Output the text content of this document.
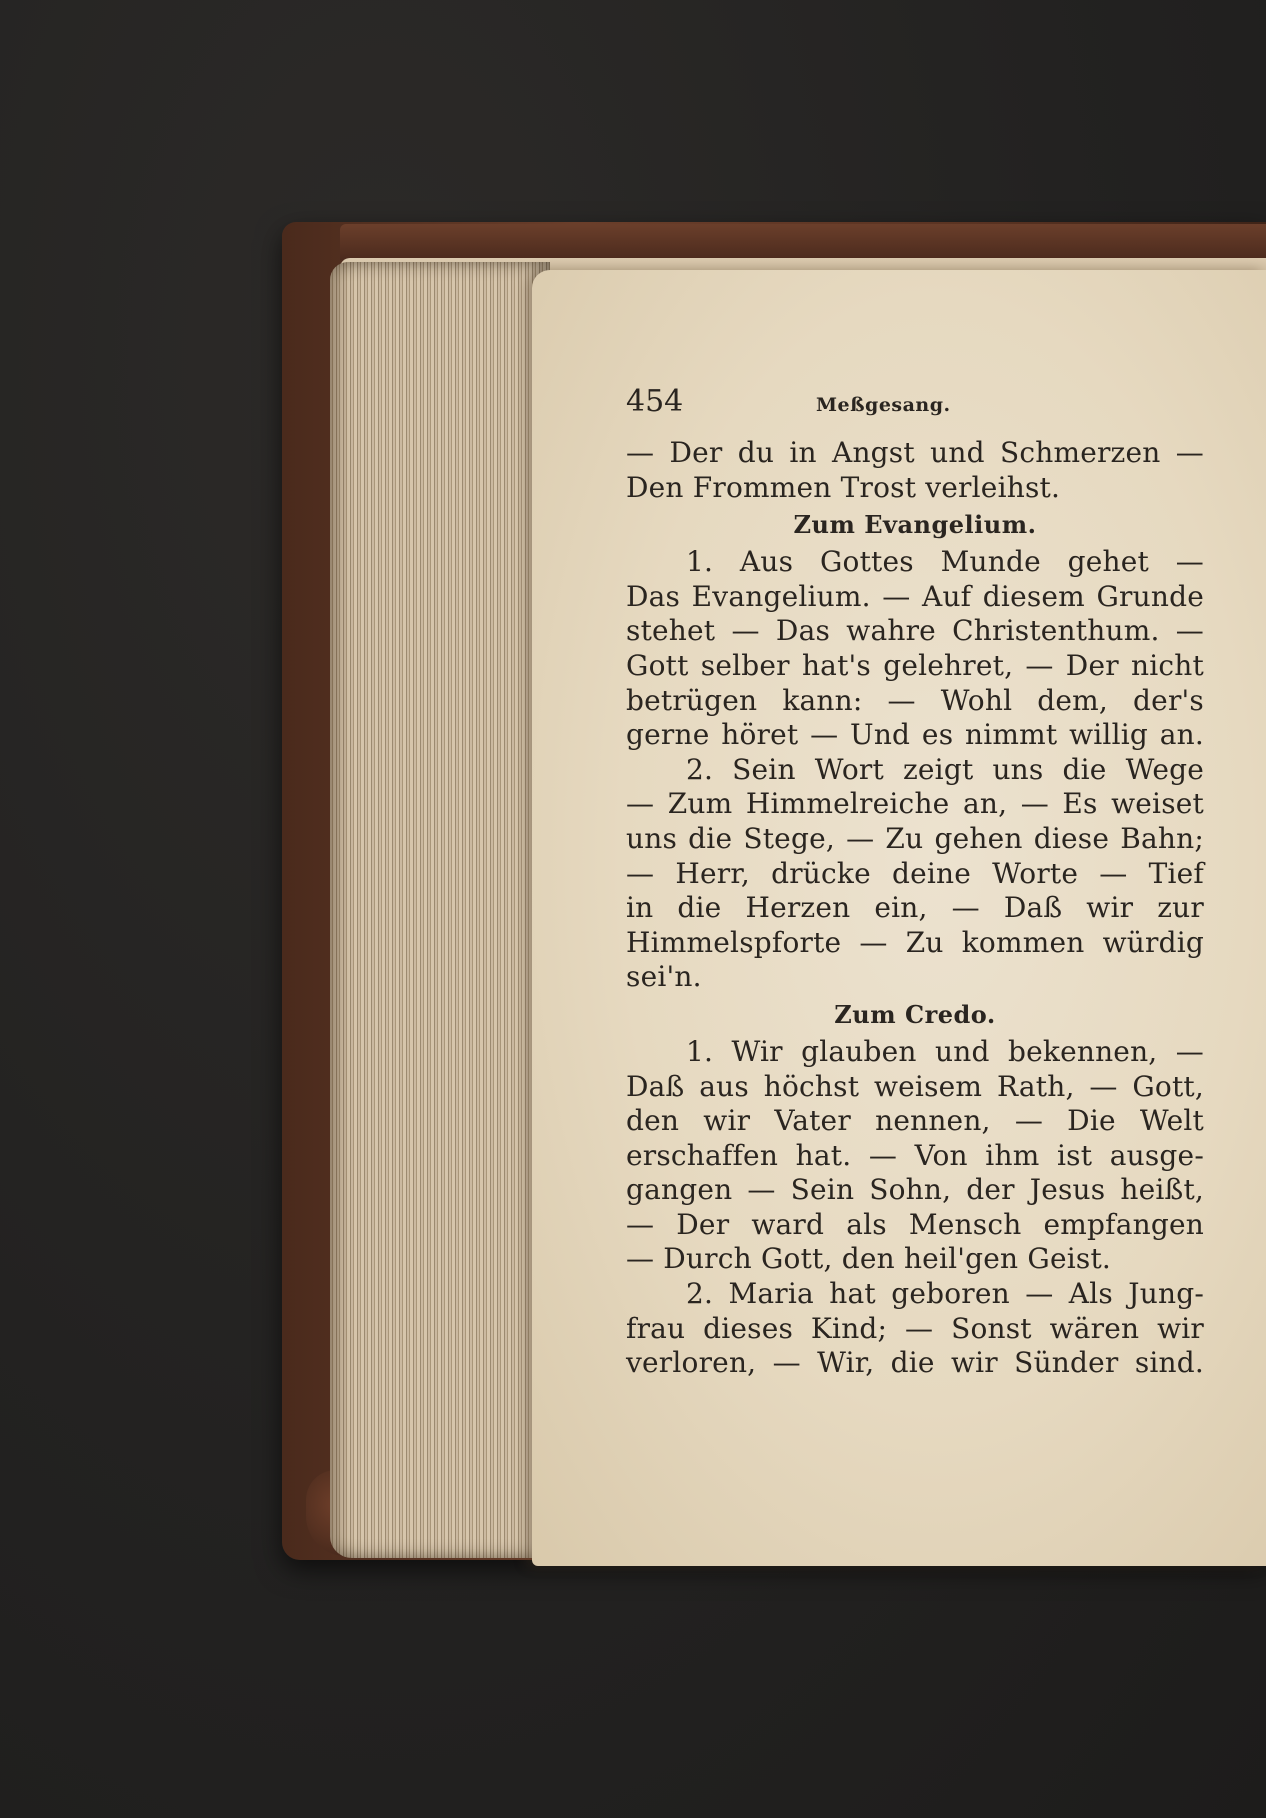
454	Meßgesang.
— Der du in Angst und Schmerzen —
Den Frommen Trost verleihst.
Zum Evangelium.
1. Aus Gottes Munde gehet —
Das Evangelium. — Auf diesem Grunde
stehet — Das wahre Christenthum. —
Gott selber hat's gelehret, — Der nicht
betrügen kann: — Wohl dem, der's
gerne höret — Und es nimmt willig an.
2. Sein Wort zeigt uns die Wege
— Zum Himmelreiche an, — Es weiset
uns die Stege, — Zu gehen diese Bahn;
— Herr, drücke deine Worte — Tief
in die Herzen ein, — Daß wir zur
Himmelspforte — Zu kommen würdig
sei'n.
Zum Credo.
1. Wir glauben und bekennen, —
Daß aus höchst weisem Rath, — Gott,
den wir Vater nennen, — Die Welt
erschaffen hat. — Von ihm ist ausge-
gangen — Sein Sohn, der Jesus heißt,
— Der ward als Mensch empfangen
— Durch Gott, den heil'gen Geist.
2. Maria hat geboren — Als Jung-
frau dieses Kind; — Sonst wären wir
verloren, — Wir, die wir Sünder sind.
